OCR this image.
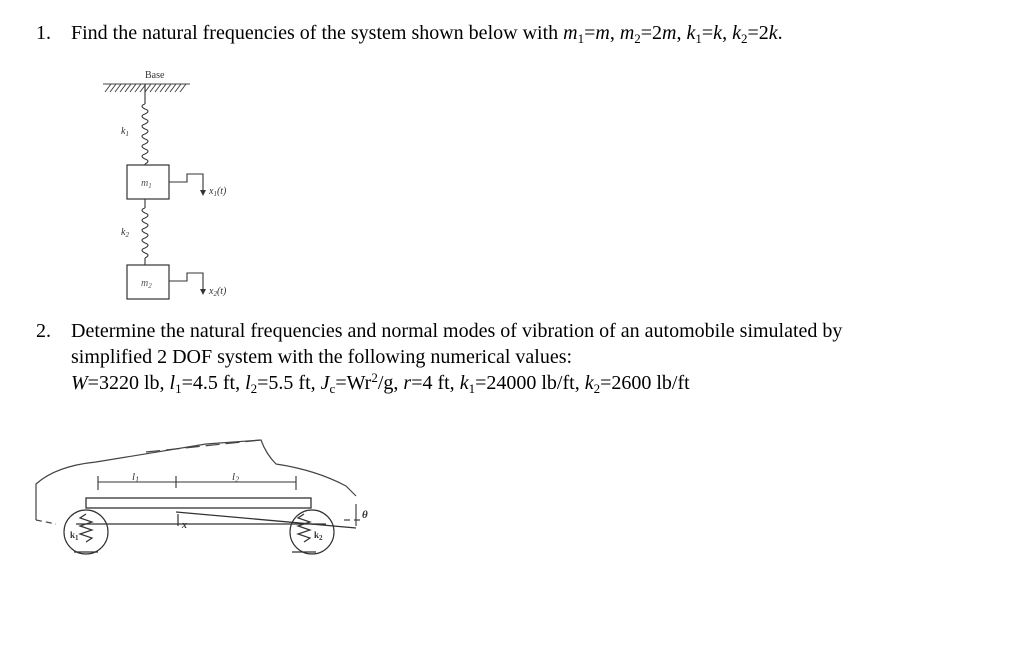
1. Find the natural frequencies of the system shown below with $m_1=m$, $m_2=2m$, $k_1=k$, $k_2=2k$.
Base
$k_1$
$m_1$	$x_1(t)$
$k_2$
$m_2$	$x_2(t)$
2. Determine the natural frequencies and normal modes of vibration of an automobile simulated by
simplified 2 DOF system with the following numerical values:
W=3220 lb, $l_1=4.5$ ft, $l_2=5.5$ ft, $J_c=Wr^2/g$, r=4 ft, $k_1=24000$ lb/ft, $k_2=2600$ lb/ft
l1	l2
x
θ
$k_1$	$k_2$
